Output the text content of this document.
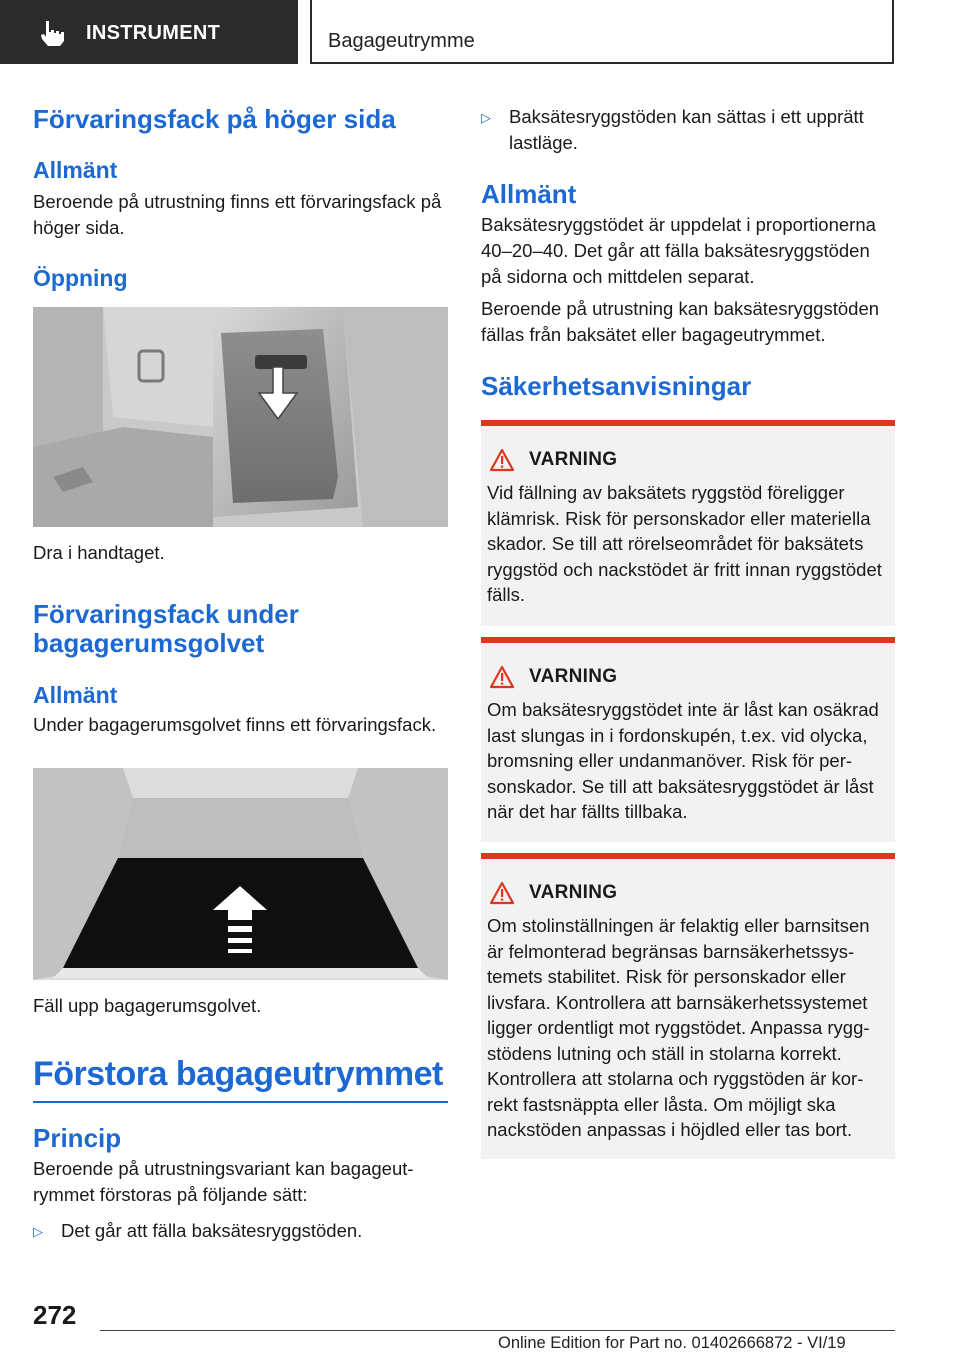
INSTRUMENT	Bagageutrymme
Förvaringsfack på höger sida
Allmänt

Beroende på utrustning finns ett förvaringsfack på höger sida.

Öppning
Dra i handtaget.
Förvaringsfack under bagagerumsgolvet
Allmänt

Under bagagerumsgolvet finns ett förvaringsfack.

Fäll upp bagagerumsgolvet.
Förstora bagageutrymmet
Princip

Beroende på utrustningsvariant kan bagageutrymmet förstoras på följande sätt:

▷ Det går att fälla baksätesryggstöden.
▷ Baksätesryggstöden kan sättas i ett upprätt lastläge.
Allmänt

Baksätesryggstödet är uppdelat i proportionerna 40–20–40. Det går att fälla baksätesryggstöden på sidorna och mittdelen separat.

Beroende på utrustning kan baksätesryggstöden fällas från baksätet eller bagageutrymmet.

Säkerhetsanvisningar
VARNING
Vid fällning av baksätets ryggstöd föreligger klämrisk. Risk för personskador eller materiella skador. Se till att rörelseområdet för baksätets ryggstöd och nackstödet är fritt innan ryggstödet fälls.
VARNING
Om baksätesryggstödet inte är låst kan osäkrad last slungas in i fordonskupén, t.ex. vid olycka, bromsning eller undanmanöver. Risk för personskador. Se till att baksätesryggstödet är låst när det har fällts tillbaka.
VARNING
Om stolinställningen är felaktig eller barnsitsen är felmonterad begränsas barnsäkerhetssystemets stabilitet. Risk för personskador eller livsfara. Kontrollera att barnsäkerhetssystemet ligger ordentligt mot ryggstödet. Anpassa ryggstödens lutning och ställ in stolarna korrekt. Kontrollera att stolarna och ryggstöden är korrekt fastsnäppta eller låsta. Om möjligt ska nackstöden anpassas i höjdled eller tas bort.
272
Online Edition for Part no. 01402666872 - VI/19
